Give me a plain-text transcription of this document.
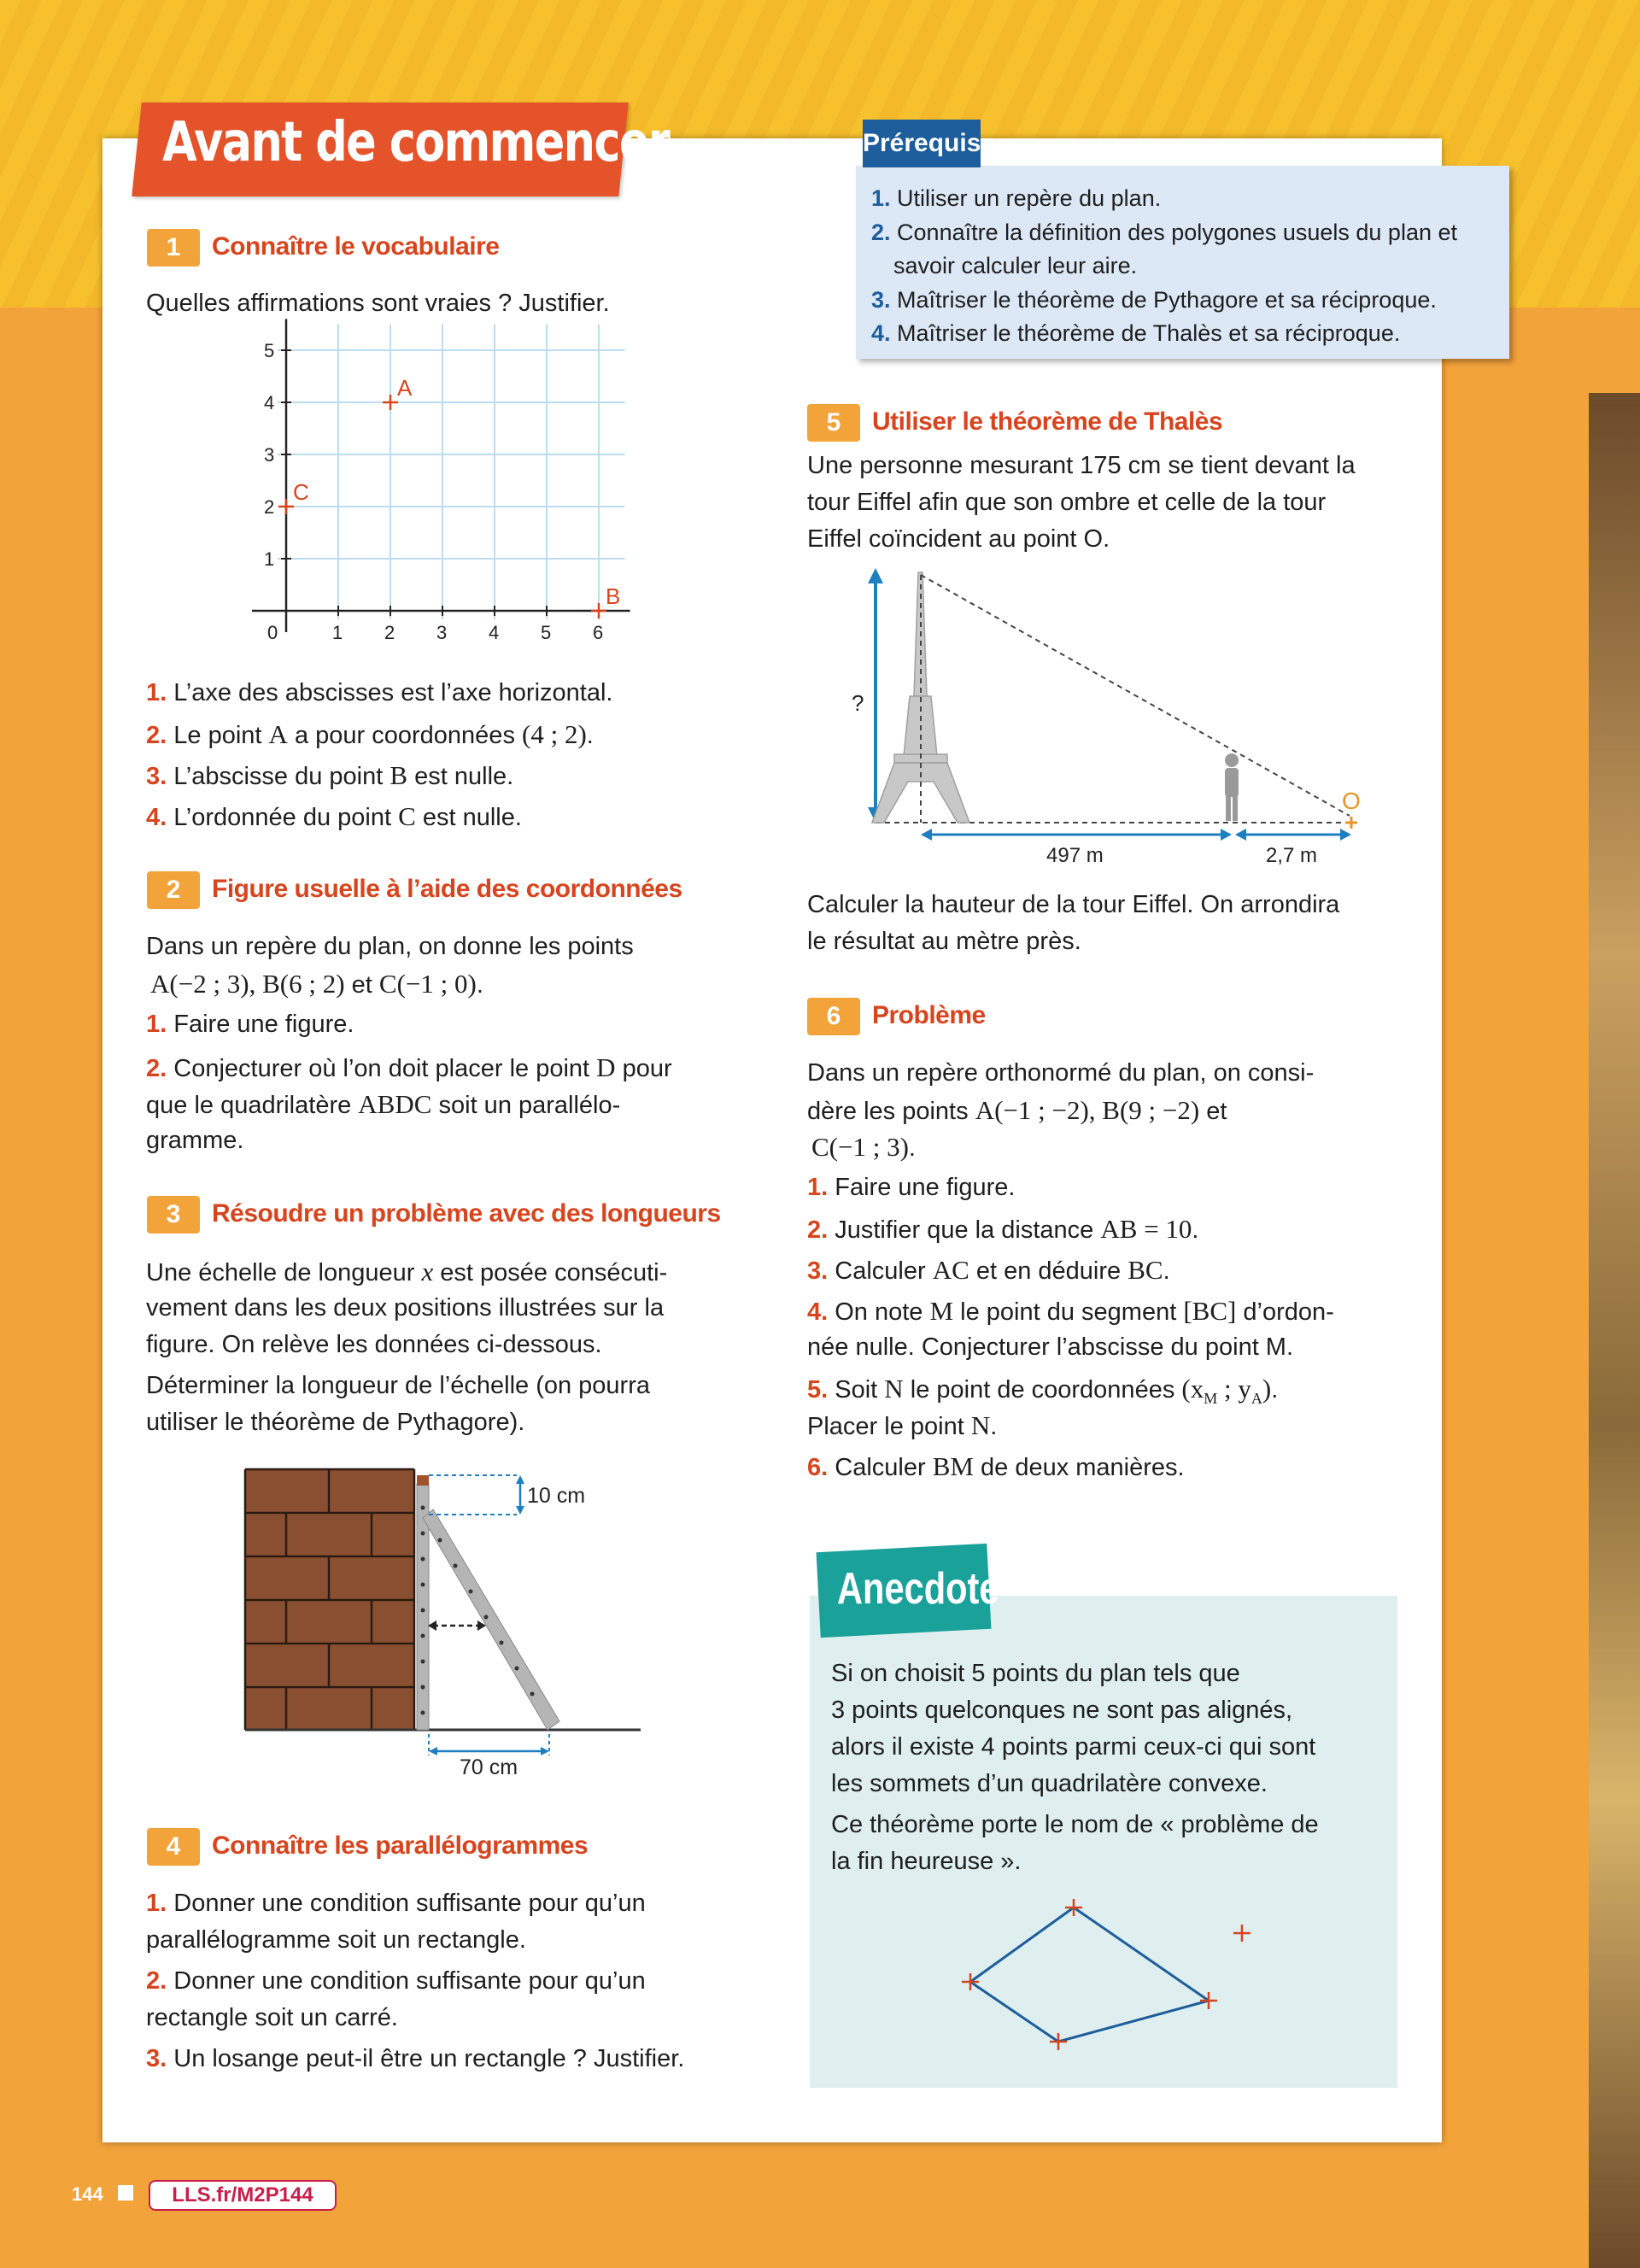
Avant de commencer	Prérequis
1. Utiliser un repère du plan.
2. Connaître la définition des polygones usuels du plan et
savoir calculer leur aire.
3. Maîtriser le théorème de Pythagore et sa réciproque.
4. Maîtriser le théorème de Thalès et sa réciproque.
1	Connaître le vocabulaire
Quelles affirmations sont vraies ? Justifier.
0	1 2 3 4 5 6
1
2
3
4
5
A
B
C
1. L’axe des abscisses est l’axe horizontal.
2. Le point A a pour coordonnées (4 ; 2).
3. L’abscisse du point B est nulle.
4. L’ordonnée du point C est nulle.
2	Figure usuelle à l’aide des coordonnées
Dans un repère du plan, on donne les points
A(−2 ; 3), B(6 ; 2) et C(−1 ; 0).
1. Faire une figure.
2. Conjecturer où l’on doit placer le point D pour
que le quadrilatère ABDC soit un parallélo-
gramme.
3	Résoudre un problème avec des longueurs
Une échelle de longueur x est posée consécuti-
vement dans les deux positions illustrées sur la
figure. On relève les données ci-dessous.
Déterminer la longueur de l’échelle (on pourra
utiliser le théorème de Pythagore).
10 cm
70 cm
4	Connaître les parallélogrammes
1. Donner une condition suffisante pour qu’un
parallélogramme soit un rectangle.
2. Donner une condition suffisante pour qu’un
rectangle soit un carré.
3. Un losange peut-il être un rectangle ? Justifier.
5	Utiliser le théorème de Thalès
Une personne mesurant 175 cm se tient devant la
tour Eiffel afin que son ombre et celle de la tour
Eiffel coïncident au point O.
?
O
497 m	2,7 m
Calculer la hauteur de la tour Eiffel. On arrondira
le résultat au mètre près.
6	Problème
Dans un repère orthonormé du plan, on consi-
dère les points A(−1 ; −2), B(9 ; −2) et
C(−1 ; 3).
1. Faire une figure.
2. Justifier que la distance AB = 10.
3. Calculer AC et en déduire BC.
4. On note M le point du segment [BC] d’ordon-
née nulle. Conjecturer l’abscisse du point M.
5. Soit N le point de coordonnées ($x_M$ ; $y_A$).
Placer le point N.
6. Calculer BM de deux manières.
Anecdote
Si on choisit 5 points du plan tels que
3 points quelconques ne sont pas alignés,
alors il existe 4 points parmi ceux-ci qui sont
les sommets d’un quadrilatère convexe.
Ce théorème porte le nom de « problème de
la fin heureuse ».
144	LLS.fr/M2P144
